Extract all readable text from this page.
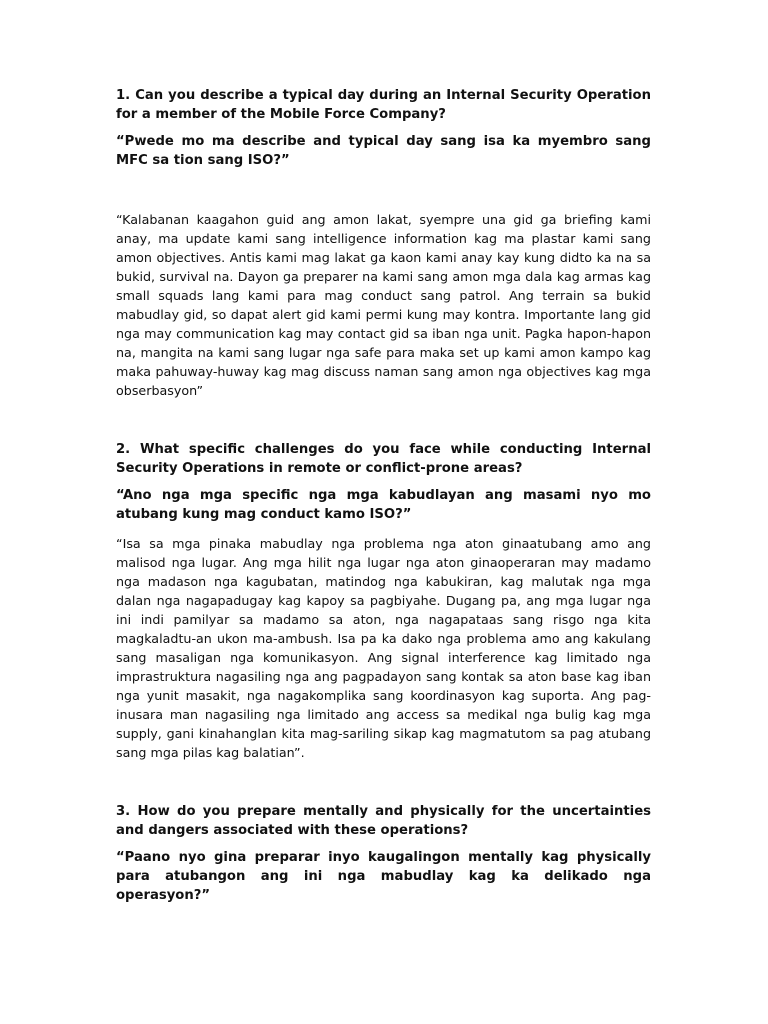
1. Can you describe a typical day during an Internal Security Operation for a member of the Mobile Force Company?

“Pwede mo ma describe and typical day sang isa ka myembro sang MFC sa tion sang ISO?”

“Kalabanan kaagahon guid ang amon lakat, syempre una gid ga briefing kami anay, ma update kami sang intelligence information kag ma plastar kami sang amon objectives. Antis kami mag lakat ga kaon kami anay kay kung didto ka na sa bukid, survival na. Dayon ga preparer na kami sang amon mga dala kag armas kag small squads lang kami para mag conduct sang patrol. Ang terrain sa bukid mabudlay gid, so dapat alert gid kami permi kung may kontra. Importante lang gid nga may communication kag may contact gid sa iban nga unit. Pagka hapon-hapon na, mangita na kami sang lugar nga safe para maka set up kami amon kampo kag maka pahuway-huway kag mag discuss naman sang amon nga objectives kag mga obserbasyon”

2. What specific challenges do you face while conducting Internal Security Operations in remote or conflict-prone areas?

“Ano nga mga specific nga mga kabudlayan ang masami nyo mo atubang kung mag conduct kamo ISO?”

“Isa sa mga pinaka mabudlay nga problema nga aton ginaatubang amo ang malisod nga lugar. Ang mga hilit nga lugar nga aton ginaoperaran may madamo nga madason nga kagubatan, matindog nga kabukiran, kag malutak nga mga dalan nga nagapadugay kag kapoy sa pagbiyahe. Dugang pa, ang mga lugar nga ini indi pamilyar sa madamo sa aton, nga nagapataas sang risgo nga kita magkaladtu-an ukon ma-ambush. Isa pa ka dako nga problema amo ang kakulang sang masaligan nga komunikasyon. Ang signal interference kag limitado nga imprastruktura nagasiling nga ang pagpadayon sang kontak sa aton base kag iban nga yunit masakit, nga nagakomplika sang koordinasyon kag suporta. Ang pag-inusara man nagasiling nga limitado ang access sa medikal nga bulig kag mga supply, gani kinahanglan kita mag-sariling sikap kag magmatutom sa pag atubang sang mga pilas kag balatian”.

3. How do you prepare mentally and physically for the uncertainties and dangers associated with these operations?

“Paano nyo gina preparar inyo kaugalingon mentally kag physically para atubangon ang ini nga mabudlay kag ka delikado nga operasyon?”
